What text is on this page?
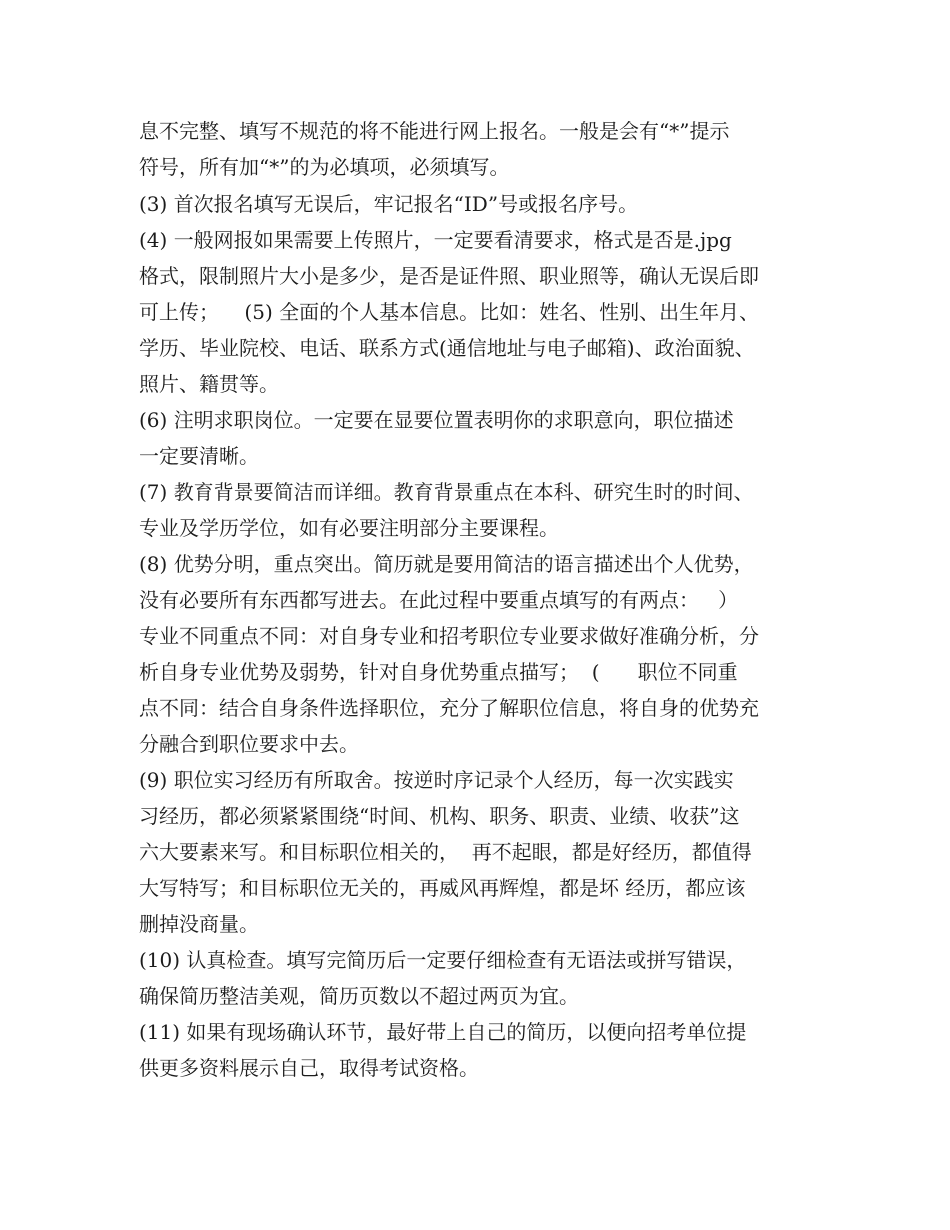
息不完整、填写不规范的将不能进行网上报名。一般是会有“*”提示

符号，所有加“*”的为必填项，必须填写。

(3) 首次报名填写无误后，牢记报名“ID”号或报名序号。

(4) 一般网报如果需要上传照片，一定要看清要求，格式是否是.jpg

格式，限制照片大小是多少，是否是证件照、职业照等，确认无误后即

可上传；    (5) 全面的个人基本信息。比如：姓名、性别、出生年月、

学历、毕业院校、电话、联系方式(通信地址与电子邮箱)、政治面貌、

照片、籍贯等。

(6) 注明求职岗位。一定要在显要位置表明你的求职意向，职位描述

一定要清晰。

(7) 教育背景要简洁而详细。教育背景重点在本科、研究生时的时间、

专业及学历学位，如有必要注明部分主要课程。

(8) 优势分明，重点突出。简历就是要用简洁的语言描述出个人优势，

没有必要所有东西都写进去。在此过程中要重点填写的有两点：   ）

专业不同重点不同：对自身专业和招考职位专业要求做好准确分析，分

析自身专业优势及弱势，针对自身优势重点描写；  (      职位不同重

点不同：结合自身条件选择职位，充分了解职位信息，将自身的优势充

分融合到职位要求中去。

(9) 职位实习经历有所取舍。按逆时序记录个人经历，每一次实践实

习经历，都必须紧紧围绕“时间、机构、职务、职责、业绩、收获”这

六大要素来写。和目标职位相关的，  再不起眼，都是好经历，都值得

大写特写；和目标职位无关的，再威风再辉煌，都是坏 经历，都应该

删掉没商量。

(10) 认真检查。填写完简历后一定要仔细检查有无语法或拼写错误，

确保简历整洁美观，简历页数以不超过两页为宜。

(11) 如果有现场确认环节，最好带上自己的简历，以便向招考单位提

供更多资料展示自己，取得考试资格。
